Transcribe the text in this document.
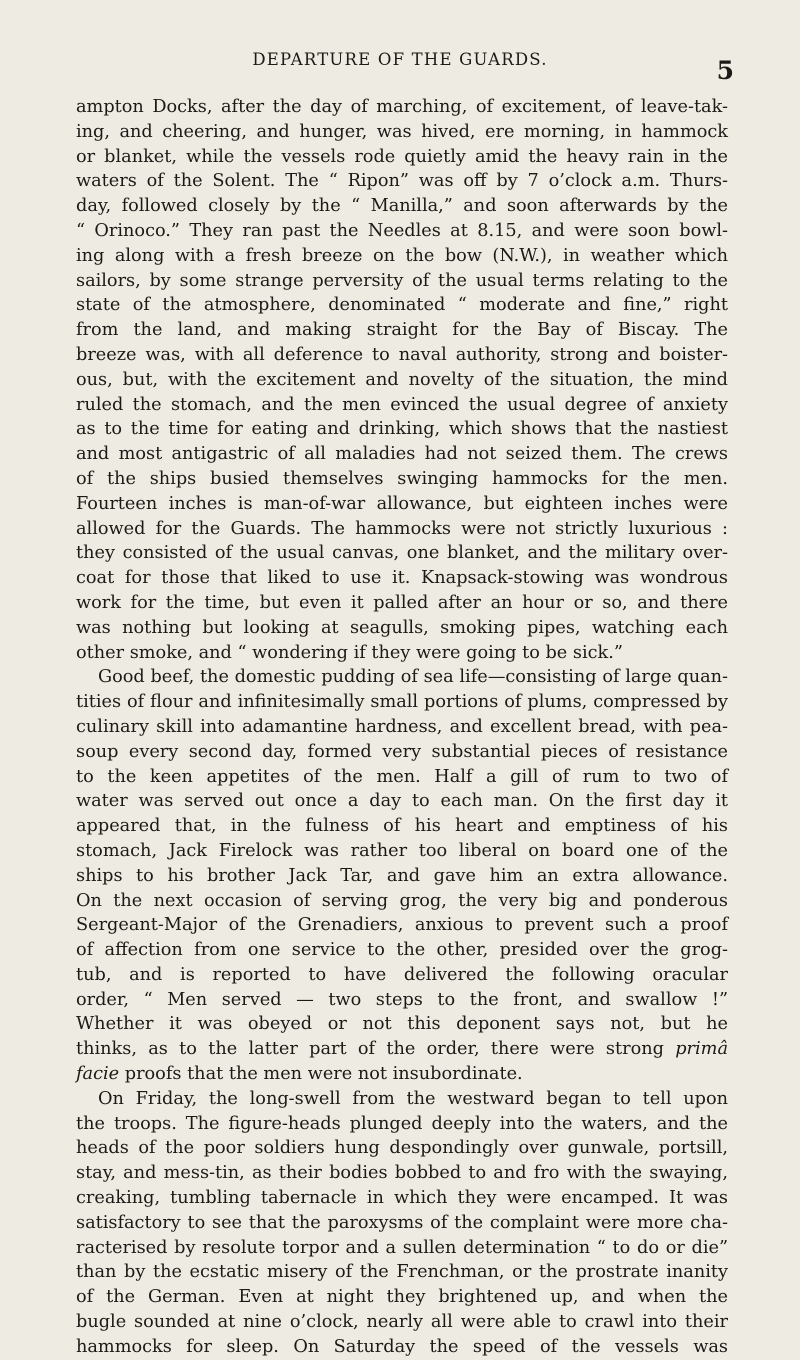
DEPARTURE OF THE GUARDS.	5
ampton Docks, after the day of marching, of excitement, of leave-tak-
ing, and cheering, and hunger, was hived, ere morning, in hammock
or blanket, while the vessels rode quietly amid the heavy rain in the
waters of the Solent. The “ Ripon” was off by 7 o’clock a.m. Thurs-
day, followed closely by the “ Manilla,” and soon afterwards by the
“ Orinoco.” They ran past the Needles at 8.15, and were soon bowl-
ing along with a fresh breeze on the bow (N.W.), in weather which
sailors, by some strange perversity of the usual terms relating to the
state of the atmosphere, denominated “ moderate and fine,” right
from the land, and making straight for the Bay of Biscay. The
breeze was, with all deference to naval authority, strong and boister-
ous, but, with the excitement and novelty of the situation, the mind
ruled the stomach, and the men evinced the usual degree of anxiety
as to the time for eating and drinking, which shows that the nastiest
and most antigastric of all maladies had not seized them. The crews
of the ships busied themselves swinging hammocks for the men.
Fourteen inches is man-of-war allowance, but eighteen inches were
allowed for the Guards. The hammocks were not strictly luxurious :
they consisted of the usual canvas, one blanket, and the military over-
coat for those that liked to use it. Knapsack-stowing was wondrous
work for the time, but even it palled after an hour or so, and there
was nothing but looking at seagulls, smoking pipes, watching each
other smoke, and “ wondering if they were going to be sick.”
Good beef, the domestic pudding of sea life—consisting of large quan-
tities of flour and infinitesimally small portions of plums, compressed by
culinary skill into adamantine hardness, and excellent bread, with pea-
soup every second day, formed very substantial pieces of resistance
to the keen appetites of the men. Half a gill of rum to two of
water was served out once a day to each man. On the first day it
appeared that, in the fulness of his heart and emptiness of his
stomach, Jack Firelock was rather too liberal on board one of the
ships to his brother Jack Tar, and gave him an extra allowance.
On the next occasion of serving grog, the very big and ponderous
Sergeant-Major of the Grenadiers, anxious to prevent such a proof
of affection from one service to the other, presided over the grog-
tub, and is reported to have delivered the following oracular
order, “ Men served — two steps to the front, and swallow !”
Whether it was obeyed or not this deponent says not, but he
thinks, as to the latter part of the order, there were strong primâ
facie proofs that the men were not insubordinate.
On Friday, the long-swell from the westward began to tell upon
the troops. The figure-heads plunged deeply into the waters, and the
heads of the poor soldiers hung despondingly over gunwale, portsill,
stay, and mess-tin, as their bodies bobbed to and fro with the swaying,
creaking, tumbling tabernacle in which they were encamped. It was
satisfactory to see that the paroxysms of the complaint were more cha-
racterised by resolute torpor and a sullen determination “ to do or die”
than by the ecstatic misery of the Frenchman, or the prostrate inanity
of the German. Even at night they brightened up, and when the
bugle sounded at nine o’clock, nearly all were able to crawl into their
hammocks for sleep. On Saturday the speed of the vessels was
